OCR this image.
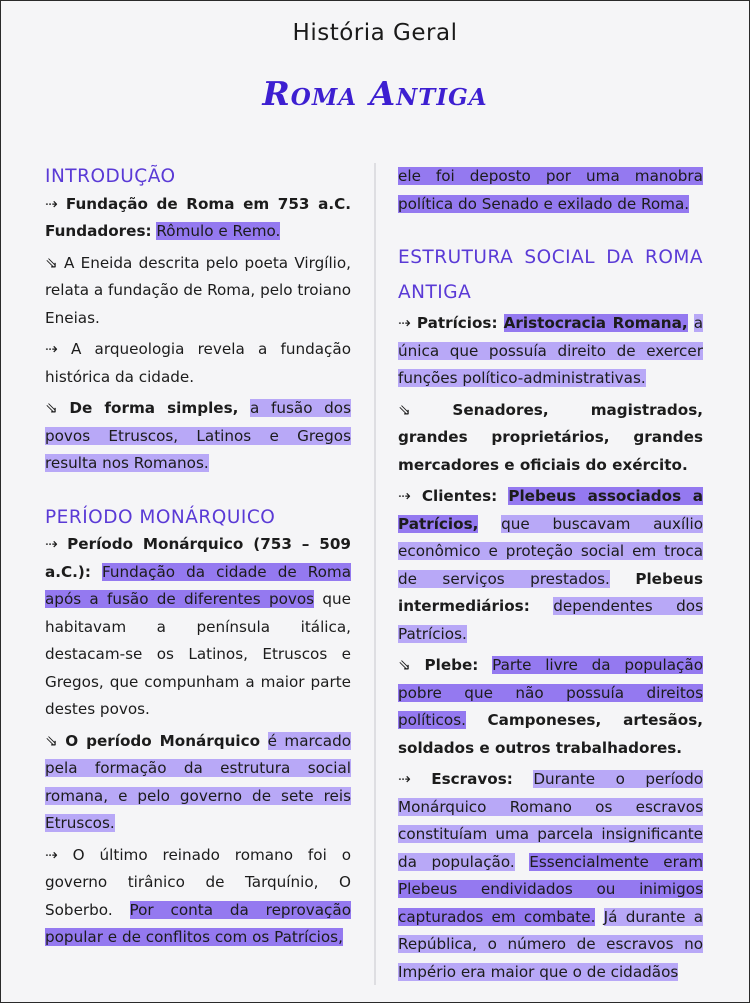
História Geral
Roma Antiga

INTRODUÇÃO

⇢ Fundação de Roma em 753 a.C. Fundadores: Rômulo e Remo.

⇘ A Eneida descrita pelo poeta Virgílio, relata a fundação de Roma, pelo troiano Eneias.

⇢ A arqueologia revela a fundação histórica da cidade.

⇘ De forma simples, a fusão dos povos Etruscos, Latinos e Gregos resulta nos Romanos.

PERÍODO MONÁRQUICO

⇢ Período Monárquico (753 – 509 a.C.): Fundação da cidade de Roma após a fusão de diferentes povos que habitavam a península itálica, destacam-se os Latinos, Etruscos e Gregos, que compunham a maior parte destes povos.

⇘ O período Monárquico é marcado pela formação da estrutura social romana, e pelo governo de sete reis Etruscos.

⇢ O último reinado romano foi o governo tirânico de Tarquínio, O Soberbo. Por conta da reprovação popular e de conflitos com os Patrícios,

ele foi deposto por uma manobra política do Senado e exilado de Roma.

ESTRUTURA SOCIAL DA ROMA ANTIGA

⇢ Patrícios: Aristocracia Romana, a única que possuía direito de exercer funções político-administrativas.

⇘	Senadores, magistrados, grandes proprietários, grandes mercadores e oficiais do exército.

⇢ Clientes: Plebeus associados a Patrícios, que buscavam auxílio econômico e proteção social em troca de serviços prestados. Plebeus intermediários: dependentes dos Patrícios.

⇘ Plebe: Parte livre da população pobre que não possuía direitos políticos. Camponeses, artesãos, soldados e outros trabalhadores.

⇢ Escravos: Durante o período Monárquico Romano os escravos constituíam uma parcela insignificante da população. Essencialmente eram Plebeus endividados ou inimigos capturados em combate. Já durante a República, o número de escravos no Império era maior que o de cidadãos
